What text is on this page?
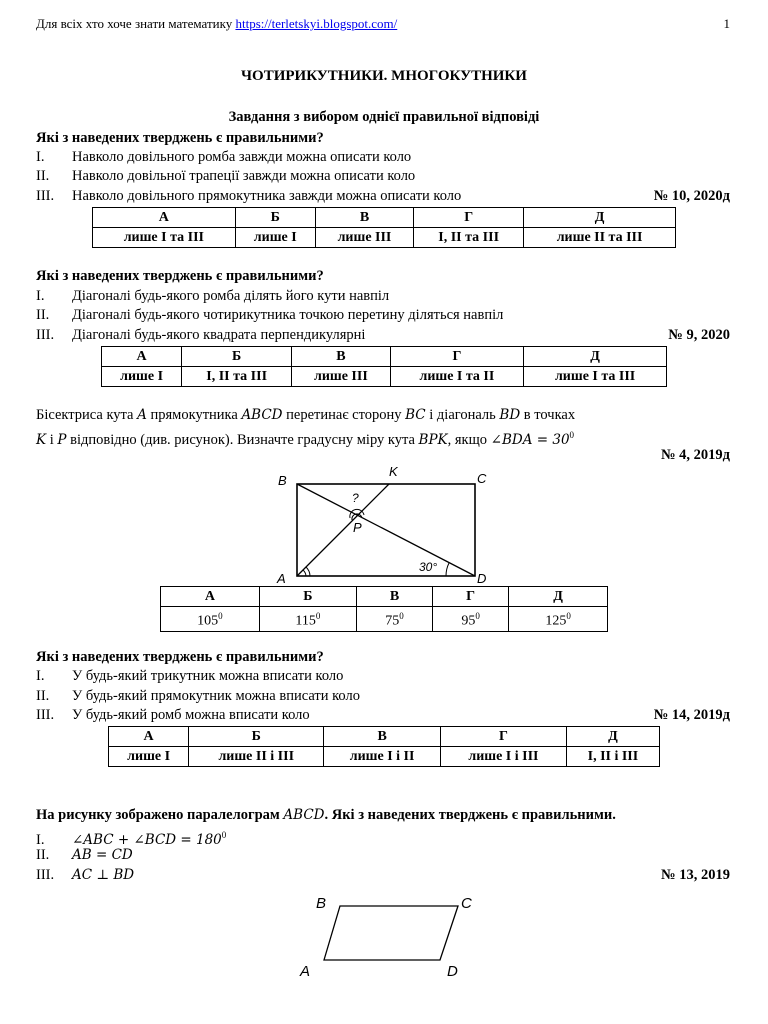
Для всіх хто хоче знати математику https://terletskyi.blogspot.com/	1
ЧОТИРИКУТНИКИ. МНОГОКУТНИКИ
Завдання з вибором однієї правильної відповіді
Які з наведених тверджень є правильними?
I. Навколо довільного ромба завжди можна описати коло
II. Навколо довільної трапеції завжди можна описати коло
III. Навколо довільного прямокутника завжди можна описати коло	№ 10, 2020д
А	Б	В	Г	Д
лише I та III	лише I	лише III	I, II та III	лише II та III
Які з наведених тверджень є правильними?
I. Діагоналі будь-якого ромба ділять його кути навпіл
II. Діагоналі будь-якого чотирикутника точкою перетину діляться навпіл
III. Діагоналі будь-якого квадрата перпендикулярні	№ 9, 2020
А	Б	В	Г	Д
лише I	I, II та III	лише III	лише I та II	лише I та III
Бісектриса кута A прямокутника ABCD перетинає сторону BC і діагональ BD в точках
K і P відповідно (див. рисунок). Визначте градусну міру кута BPK, якщо ∠BDA = $30^0$
№ 4, 2019д
B
K	C
P
?
A	D
30°
А	Б	В	Г	Д
$105^0$	$115^0$	$75^0$	$95^0$	$125^0$
Які з наведених тверджень є правильними?
I. У будь-який трикутник можна вписати коло
II. У будь-який прямокутник можна вписати коло
III. У будь-який ромб можна вписати коло	№ 14, 2019д
А	Б	В	Г	Д
лише I	лише II і III	лише I і II	лише I і III	I, II і III
На рисунку зображено паралелограм ABCD. Які з наведених тверджень є правильними.
I. ∠ABC + ∠BCD = $180^0$
II. AB = CD
III. AC ⊥ BD	№ 13, 2019
B	C
A	D
